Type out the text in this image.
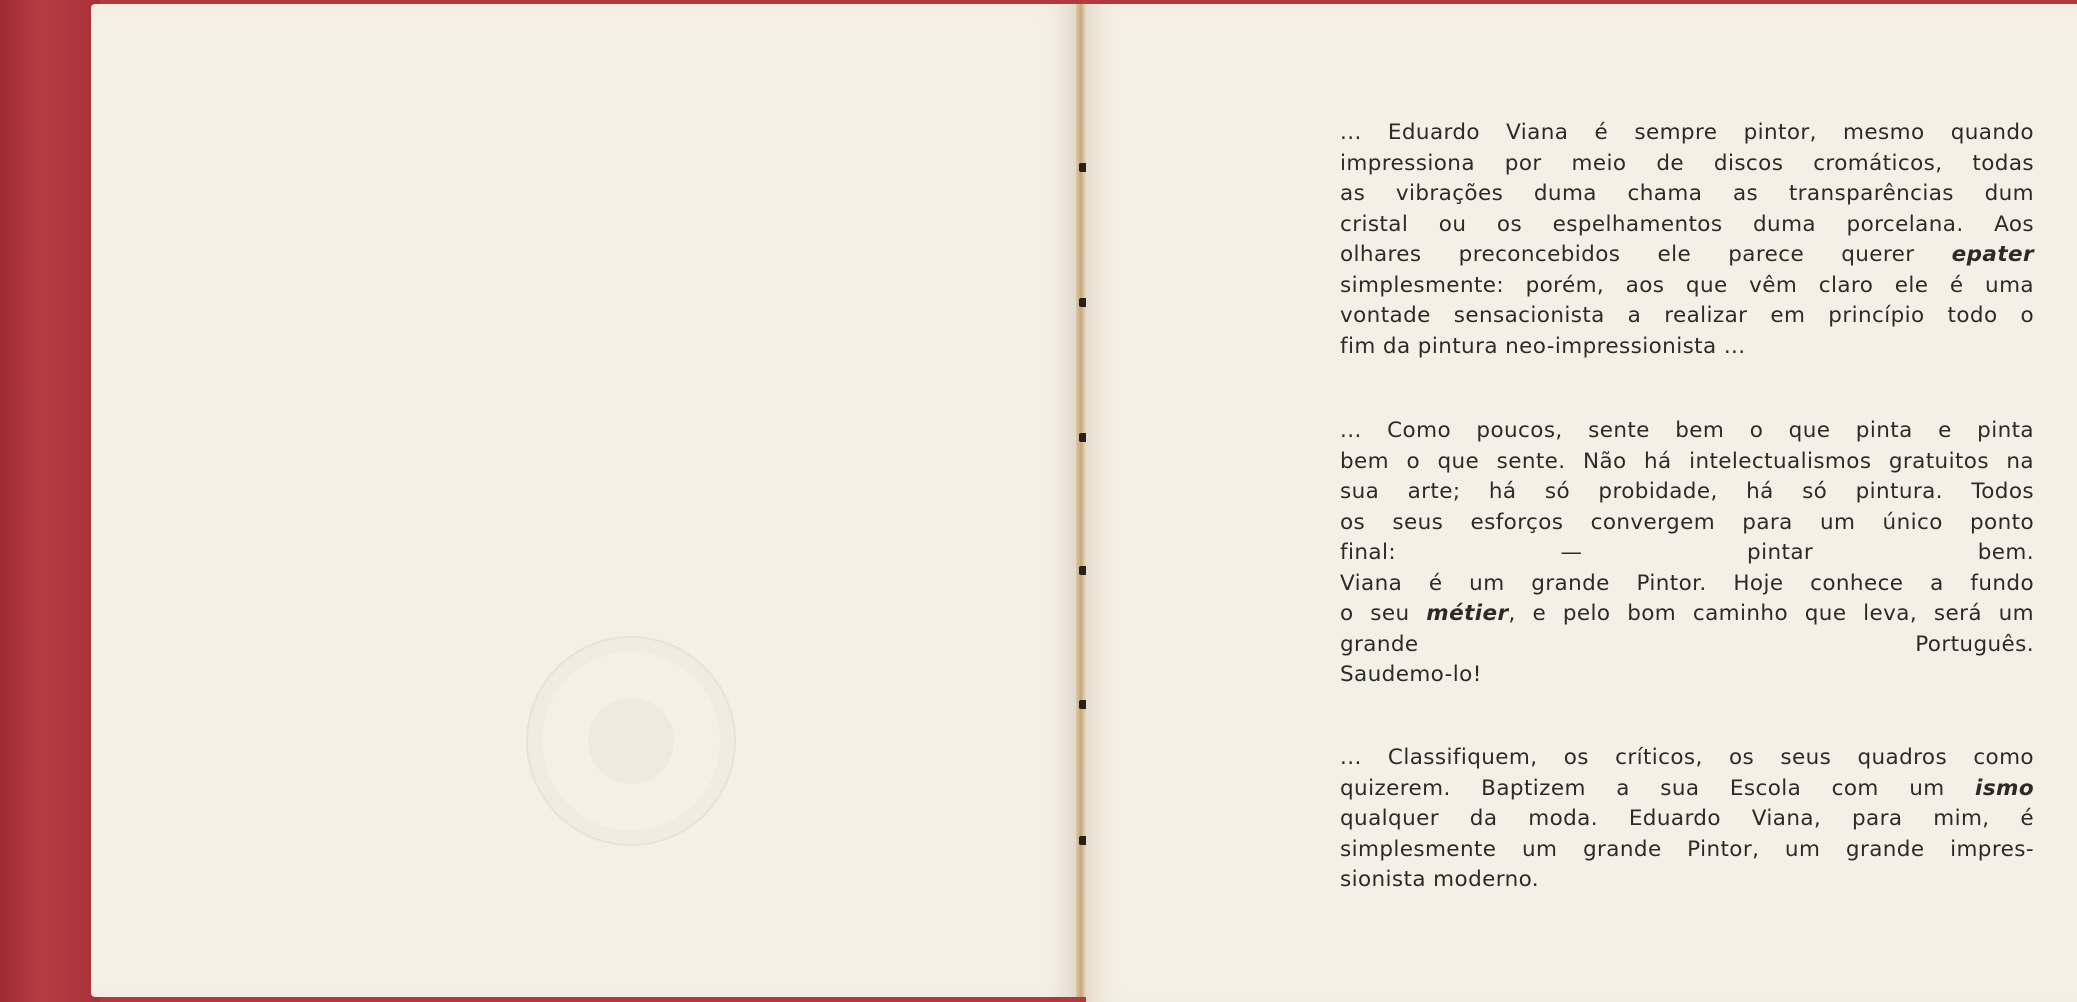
... Eduardo Viana é sempre pintor, mesmo quando
impressiona por meio de discos cromáticos, todas
as vibrações duma chama as transparências dum
cristal ou os espelhamentos duma porcelana. Aos
olhares preconcebidos ele parece querer epater
simplesmente: porém, aos que vêm claro ele é uma
vontade sensacionista a realizar em princípio todo o
fim da pintura neo-impressionista ...
... Como poucos, sente bem o que pinta e pinta
bem o que sente. Não há intelectualismos gratuitos na
sua arte; há só probidade, há só pintura. Todos
os seus esforços convergem para um único ponto
final: — pintar bem.
Viana é um grande Pintor. Hoje conhece a fundo
o seu métier, e pelo bom caminho que leva, será um
grande Português.
Saudemo-lo!
... Classifiquem, os críticos, os seus quadros como
quizerem. Baptizem a sua Escola com um ismo
qualquer da moda. Eduardo Viana, para mim, é
simplesmente um grande Pintor, um grande impres-
sionista moderno.
